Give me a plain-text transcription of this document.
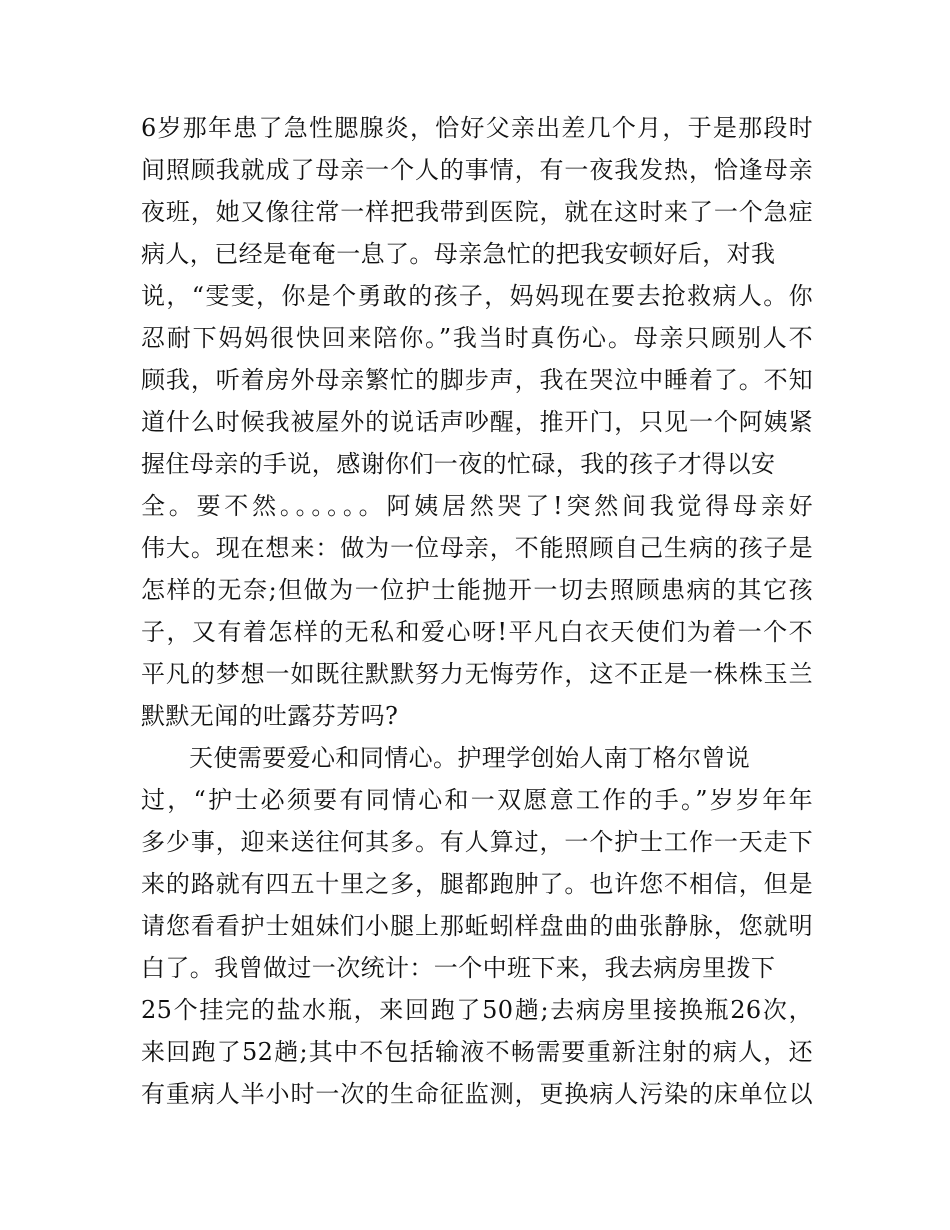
6岁那年患了急性腮腺炎，恰好父亲出差几个月，于是那段时
间照顾我就成了母亲一个人的事情，有一夜我发热，恰逢母亲
夜班，她又像往常一样把我带到医院，就在这时来了一个急症
病人，已经是奄奄一息了。母亲急忙的把我安顿好后，对我
说，“雯雯，你是个勇敢的孩子，妈妈现在要去抢救病人。你
忍耐下妈妈很快回来陪你。”我当时真伤心。母亲只顾别人不
顾我，听着房外母亲繁忙的脚步声，我在哭泣中睡着了。不知
道什么时候我被屋外的说话声吵醒，推开门，只见一个阿姨紧
握住母亲的手说，感谢你们一夜的忙碌，我的孩子才得以安
全。要不然。。。。。。阿姨居然哭了!突然间我觉得母亲好
伟大。现在想来：做为一位母亲，不能照顾自己生病的孩子是
怎样的无奈;但做为一位护士能抛开一切去照顾患病的其它孩
子，又有着怎样的无私和爱心呀!平凡白衣天使们为着一个不
平凡的梦想一如既往默默努力无悔劳作，这不正是一株株玉兰
默默无闻的吐露芬芳吗?
天使需要爱心和同情心。护理学创始人南丁格尔曾说
过，“护士必须要有同情心和一双愿意工作的手。”岁岁年年
多少事，迎来送往何其多。有人算过，一个护士工作一天走下
来的路就有四五十里之多，腿都跑肿了。也许您不相信，但是
请您看看护士姐妹们小腿上那蚯蚓样盘曲的曲张静脉，您就明
白了。我曾做过一次统计：一个中班下来，我去病房里拨下
25个挂完的盐水瓶，来回跑了50趟;去病房里接换瓶26次，
来回跑了52趟;其中不包括输液不畅需要重新注射的病人，还
有重病人半小时一次的生命征监测，更换病人污染的床单位以
